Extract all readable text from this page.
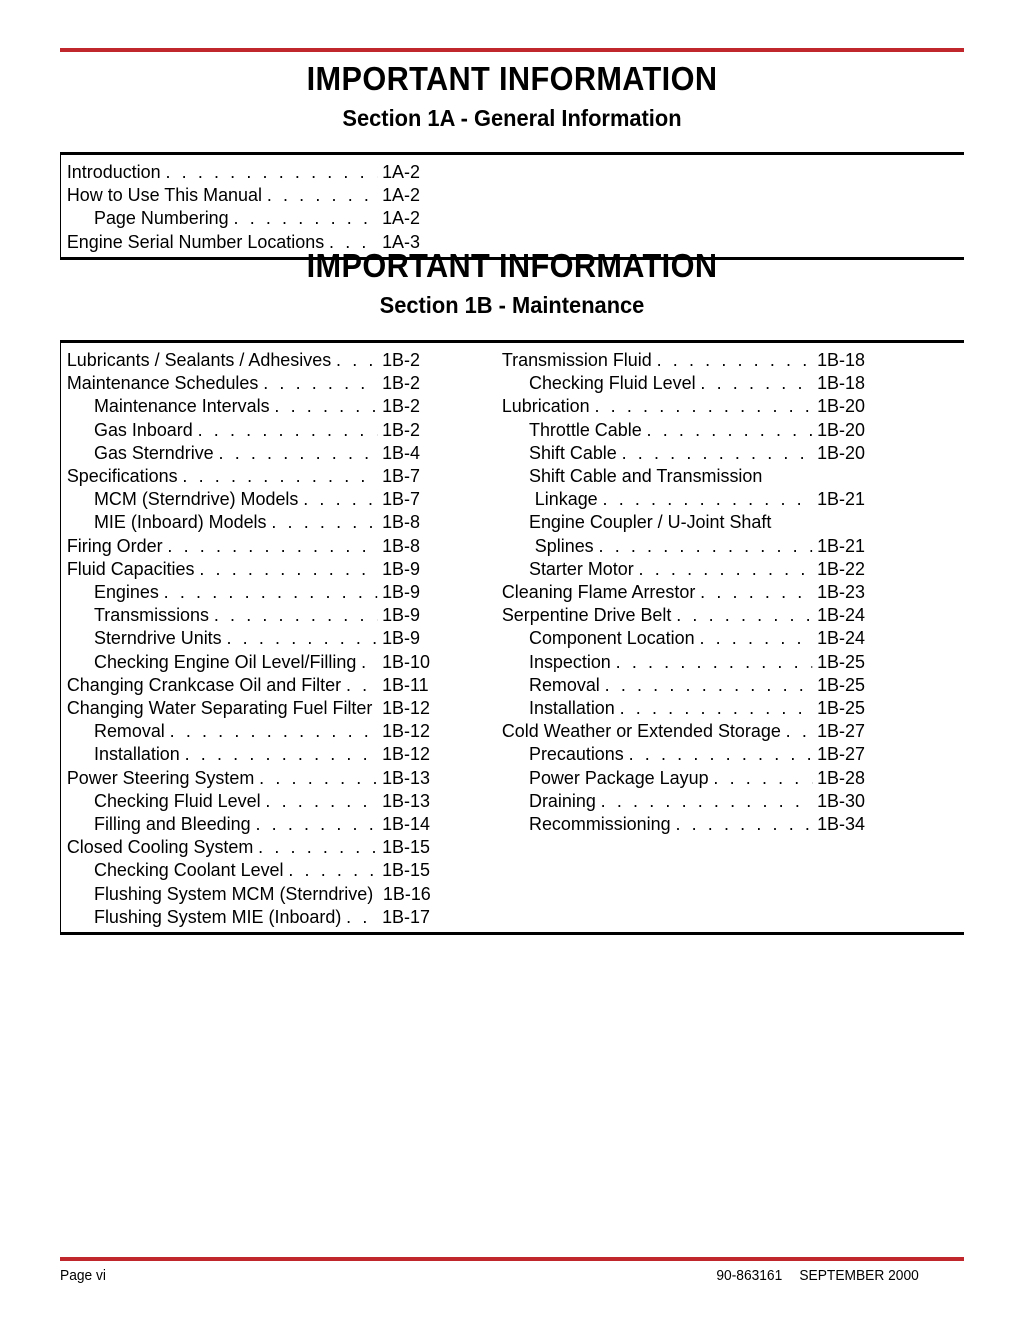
IMPORTANT INFORMATION
Section 1A - General Information
Introduction . . .	1A-2
How to Use This Manual . . .	1A-2
Page Numbering . . .	1A-2
Engine Serial Number Locations . . .	1A-3
IMPORTANT INFORMATION
Section 1B - Maintenance
Lubricants / Sealants / Adhesives . . .	1B-2
Maintenance Schedules . . .	1B-2
Maintenance Intervals . . .	1B-2
Gas Inboard . . .	1B-2
Gas Sterndrive . . .	1B-4
Specifications . . .	1B-7
MCM (Sterndrive) Models . . .	1B-7
MIE (Inboard) Models . . .	1B-8
Firing Order . . .	1B-8
Fluid Capacities . . .	1B-9
Engines . . .	1B-9
Transmissions . . .	1B-9
Sterndrive Units . . .	1B-9
Checking Engine Oil Level/Filling . . . 1B-10
Changing Crankcase Oil and Filter . . . 1B-11
Changing Water Separating Fuel Filter 1B-12
Removal . . .	1B-12
Installation . . .	1B-12
Power Steering System . . .	1B-13
Checking Fluid Level . . .	1B-13
Filling and Bleeding . . .	1B-14
Closed Cooling System . . .	1B-15
Checking Coolant Level . . .	1B-15
Flushing System MCM (Sterndrive) 1B-16
Flushing System MIE (Inboard) . . . 1B-17
Transmission Fluid . . .	1B-18
Checking Fluid Level . . .	1B-18
Lubrication . . .	1B-20
Throttle Cable . . .	1B-20
Shift Cable . . .	1B-20
Shift Cable and Transmission
Linkage . . .	1B-21
Engine Coupler / U-Joint Shaft
Splines . . .	1B-21
Starter Motor . . .	1B-22
Cleaning Flame Arrestor . . .	1B-23
Serpentine Drive Belt . . .	1B-24
Component Location . . .	1B-24
Inspection . . .	1B-25
Removal . . .	1B-25
Installation . . .	1B-25
Cold Weather or Extended Storage . . . 1B-27
Precautions . . .	1B-27
Power Package Layup . . .	1B-28
Draining . . .	1B-30
Recommissioning . . .	1B-34
Page vi	90-863161 SEPTEMBER 2000
